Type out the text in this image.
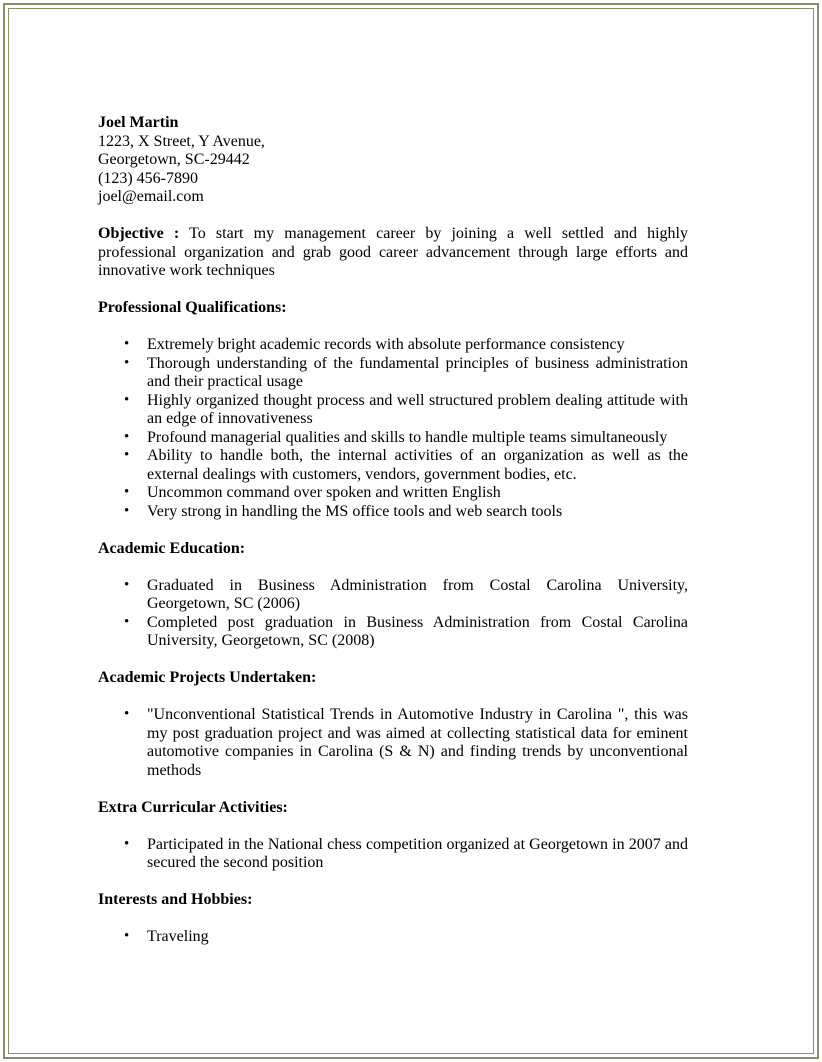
Joel Martin
1223, X Street, Y Avenue,
Georgetown, SC-29442
(123) 456-7890
joel@email.com

Objective : To start my management career by joining a well settled and highly professional organization and grab good career advancement through large efforts and innovative work techniques

Professional Qualifications:
• Extremely bright academic records with absolute performance consistency
• Thorough understanding of the fundamental principles of business administration and their practical usage
• Highly organized thought process and well structured problem dealing attitude with an edge of innovativeness
• Profound managerial qualities and skills to handle multiple teams simultaneously
• Ability to handle both, the internal activities of an organization as well as the external dealings with customers, vendors, government bodies, etc.
• Uncommon command over spoken and written English
• Very strong in handling the MS office tools and web search tools
Academic Education:
• Graduated in Business Administration from Costal Carolina University, Georgetown, SC (2006)
• Completed post graduation in Business Administration from Costal Carolina University, Georgetown, SC (2008)
Academic Projects Undertaken:
• "Unconventional Statistical Trends in Automotive Industry in Carolina ", this was my post graduation project and was aimed at collecting statistical data for eminent automotive companies in Carolina (S & N) and finding trends by unconventional methods
Extra Curricular Activities:
• Participated in the National chess competition organized at Georgetown in 2007 and secured the second position
Interests and Hobbies:
• Traveling
